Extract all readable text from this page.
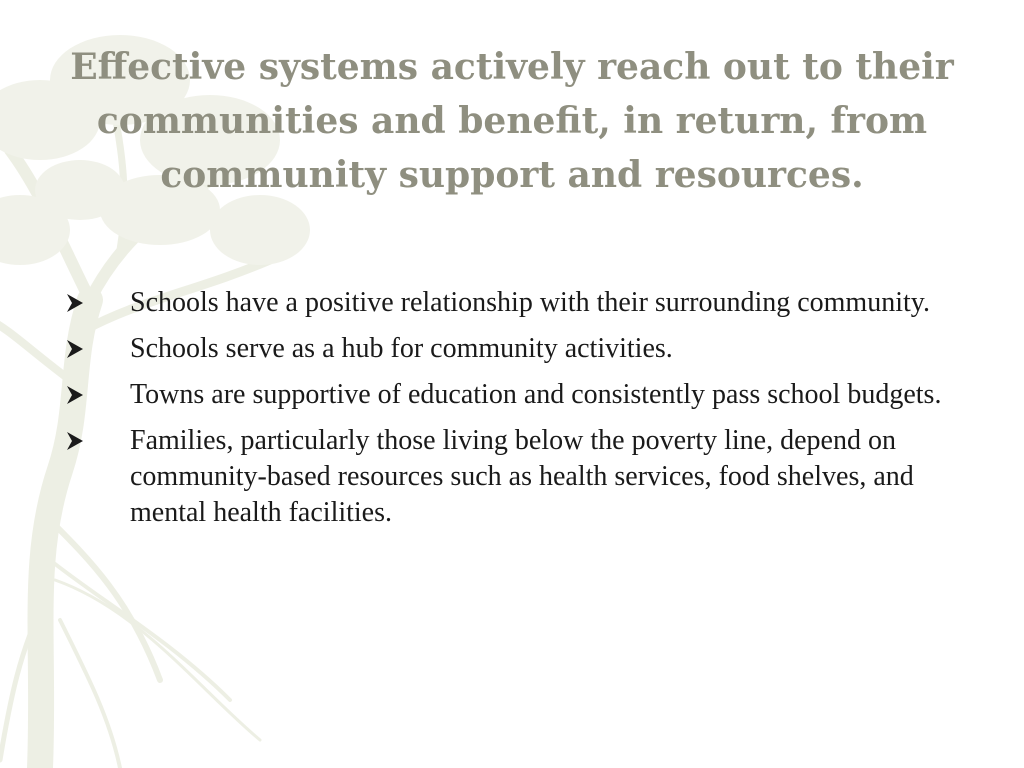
Effective systems actively reach out to their communities and benefit, in return, from community support and resources.
Schools have a positive relationship with their surrounding community.
Schools serve as a hub for community activities.
Towns are supportive of education and consistently pass school budgets.
Families, particularly those living below the poverty line, depend on community-based resources such as health services, food shelves, and mental health facilities.
